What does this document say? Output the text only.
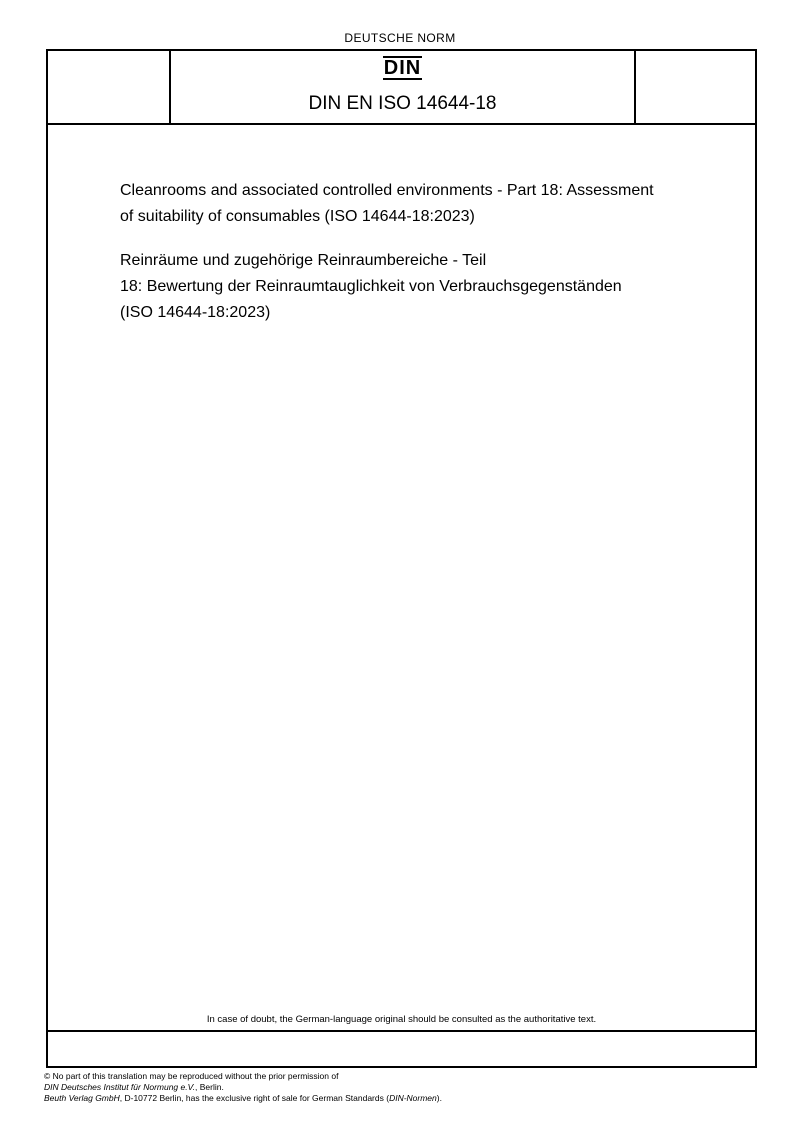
DEUTSCHE NORM
DIN
DIN EN ISO 14644-18

Cleanrooms and associated controlled environments - Part 18: Assessment
of suitability of consumables (ISO 14644-18:2023)

Reinräume und zugehörige Reinraumbereiche - Teil
18: Bewertung der Reinraumtauglichkeit von Verbrauchsgegenständen
(ISO 14644-18:2023)

In case of doubt, the German-language original should be consulted as the authoritative text.

© No part of this translation may be reproduced without the prior permission of

DIN Deutsches Institut für Normung e.V., Berlin.

Beuth Verlag GmbH, D-10772 Berlin, has the exclusive right of sale for German Standards (DIN-Normen).
